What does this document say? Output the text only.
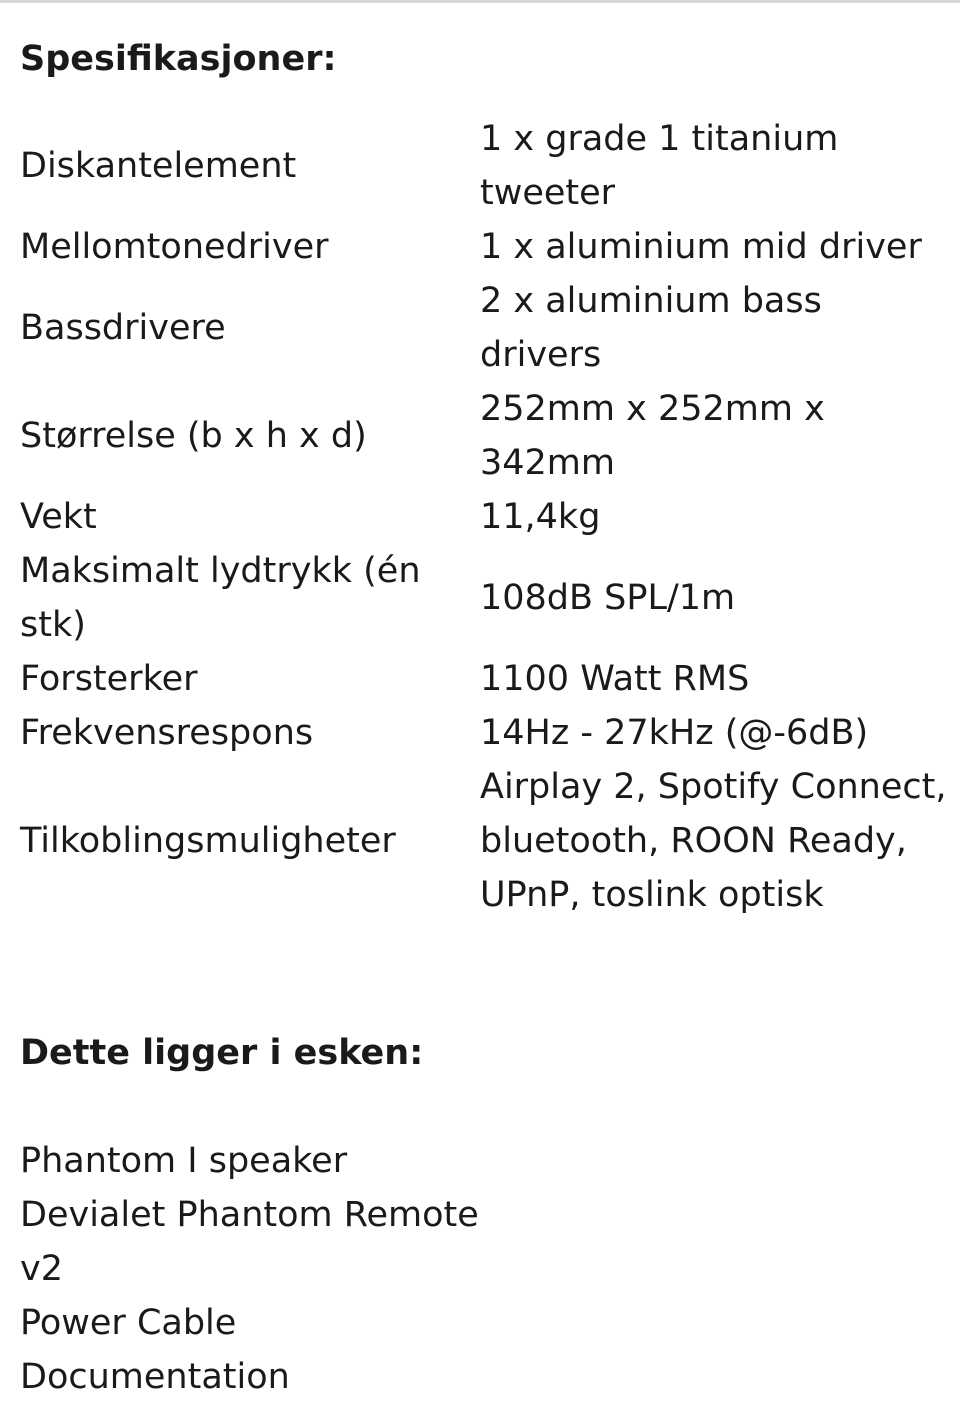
Spesifikasjoner:
Diskantelement	1 x grade 1 titanium tweeter
Mellomtonedriver	1 x aluminium mid driver
Bassdrivere	2 x aluminium bass drivers
Størrelse (b x h x d)	252mm x 252mm x 342mm
Vekt	11,4kg
Maksimalt lydtrykk (én stk)	108dB SPL/1m
Forsterker	1100 Watt RMS
Frekvensrespons	14Hz - 27kHz (@-6dB)
Tilkoblingsmuligheter	Airplay 2, Spotify Connect, bluetooth, ROON Ready, UPnP, toslink optisk
Dette ligger i esken:
Phantom I speaker
Devialet Phantom Remote v2
Power Cable
Documentation
